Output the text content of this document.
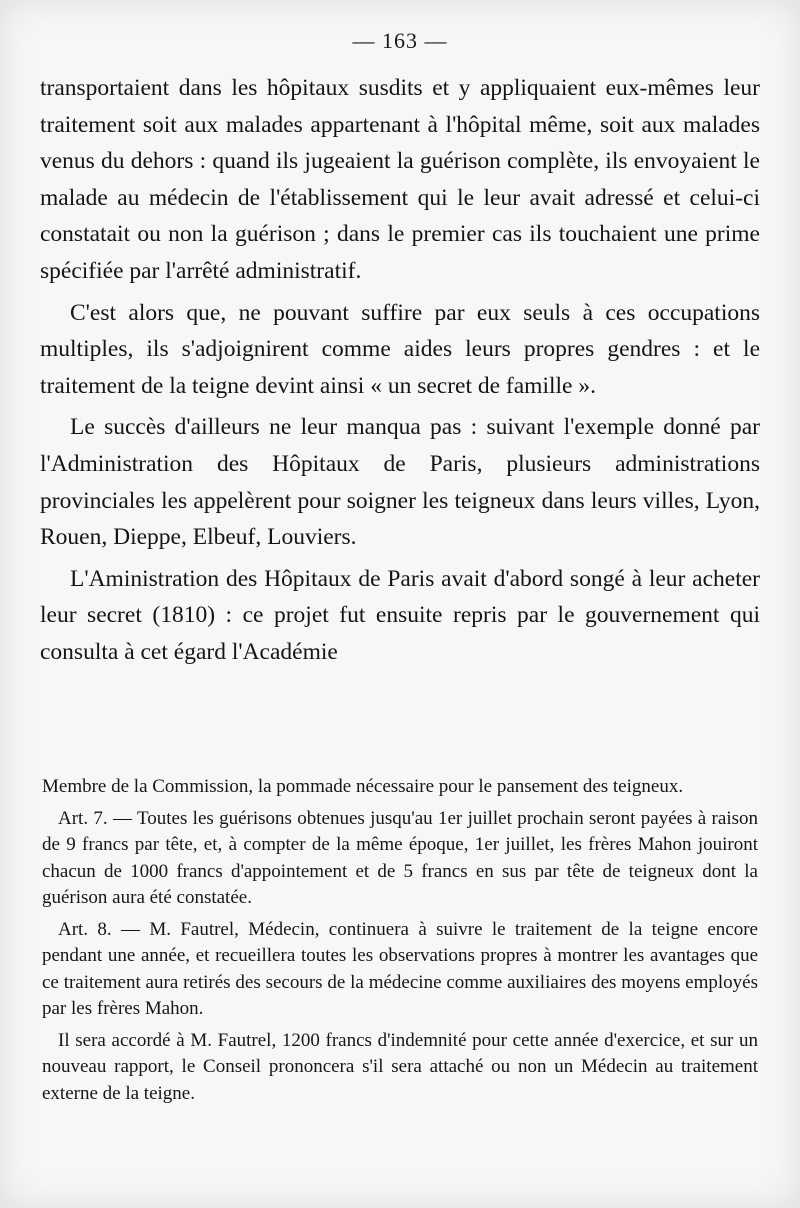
— 163 —

transportaient dans les hôpitaux susdits et y appliquaient eux-mêmes leur traitement soit aux malades appartenant à l'hôpital même, soit aux malades venus du dehors : quand ils jugeaient la guérison complète, ils envoyaient le malade au médecin de l'établissement qui le leur avait adressé et celui-ci constatait ou non la guérison ; dans le premier cas ils touchaient une prime spécifiée par l'arrêté administratif.

C'est alors que, ne pouvant suffire par eux seuls à ces occupations multiples, ils s'adjoignirent comme aides leurs propres gendres : et le traitement de la teigne devint ainsi « un secret de famille ».

Le succès d'ailleurs ne leur manqua pas : suivant l'exemple donné par l'Administration des Hôpitaux de Paris, plusieurs administrations provinciales les appelèrent pour soigner les teigneux dans leurs villes, Lyon, Rouen, Dieppe, Elbeuf, Louviers.

L'Aministration des Hôpitaux de Paris avait d'abord songé à leur acheter leur secret (1810) : ce projet fut ensuite repris par le gouvernement qui consulta à cet égard l'Académie

Membre de la Commission, la pommade nécessaire pour le pansement des teigneux.

Art. 7. — Toutes les guérisons obtenues jusqu'au 1er juillet prochain seront payées à raison de 9 francs par tête, et, à compter de la même époque, 1er juillet, les frères Mahon jouiront chacun de 1000 francs d'appointement et de 5 francs en sus par tête de teigneux dont la guérison aura été constatée.

Art. 8. — M. Fautrel, Médecin, continuera à suivre le traitement de la teigne encore pendant une année, et recueillera toutes les observations propres à montrer les avantages que ce traitement aura retirés des secours de la médecine comme auxiliaires des moyens employés par les frères Mahon.

Il sera accordé à M. Fautrel, 1200 francs d'indemnité pour cette année d'exercice, et sur un nouveau rapport, le Conseil prononcera s'il sera attaché ou non un Médecin au traitement externe de la teigne.
